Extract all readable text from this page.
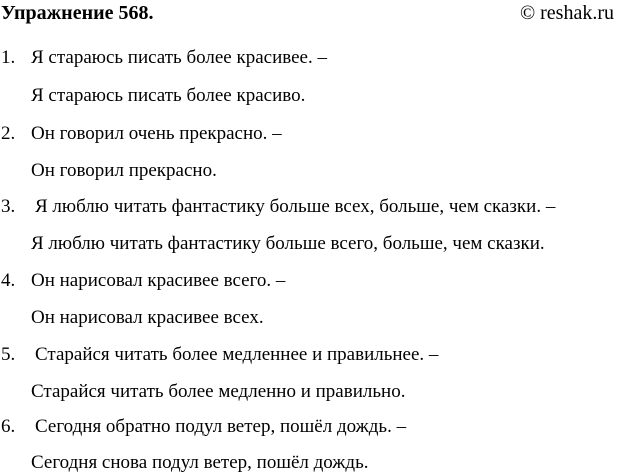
Упражнение 568.	© reshak.ru
1. Я стараюсь писать более красивее. –
Я стараюсь писать более красиво.
2. Он говорил очень прекрасно. –
Он говорил прекрасно.
3. Я люблю читать фантастику больше всех, больше, чем сказки. –
Я люблю читать фантастику больше всего, больше, чем сказки.
4. Он нарисовал красивее всего. –
Он нарисовал красивее всех.
5. Старайся читать более медленнее и правильнее. –
Старайся читать более медленно и правильно.
6. Сегодня обратно подул ветер, пошёл дождь. –
Сегодня снова подул ветер, пошёл дождь.
